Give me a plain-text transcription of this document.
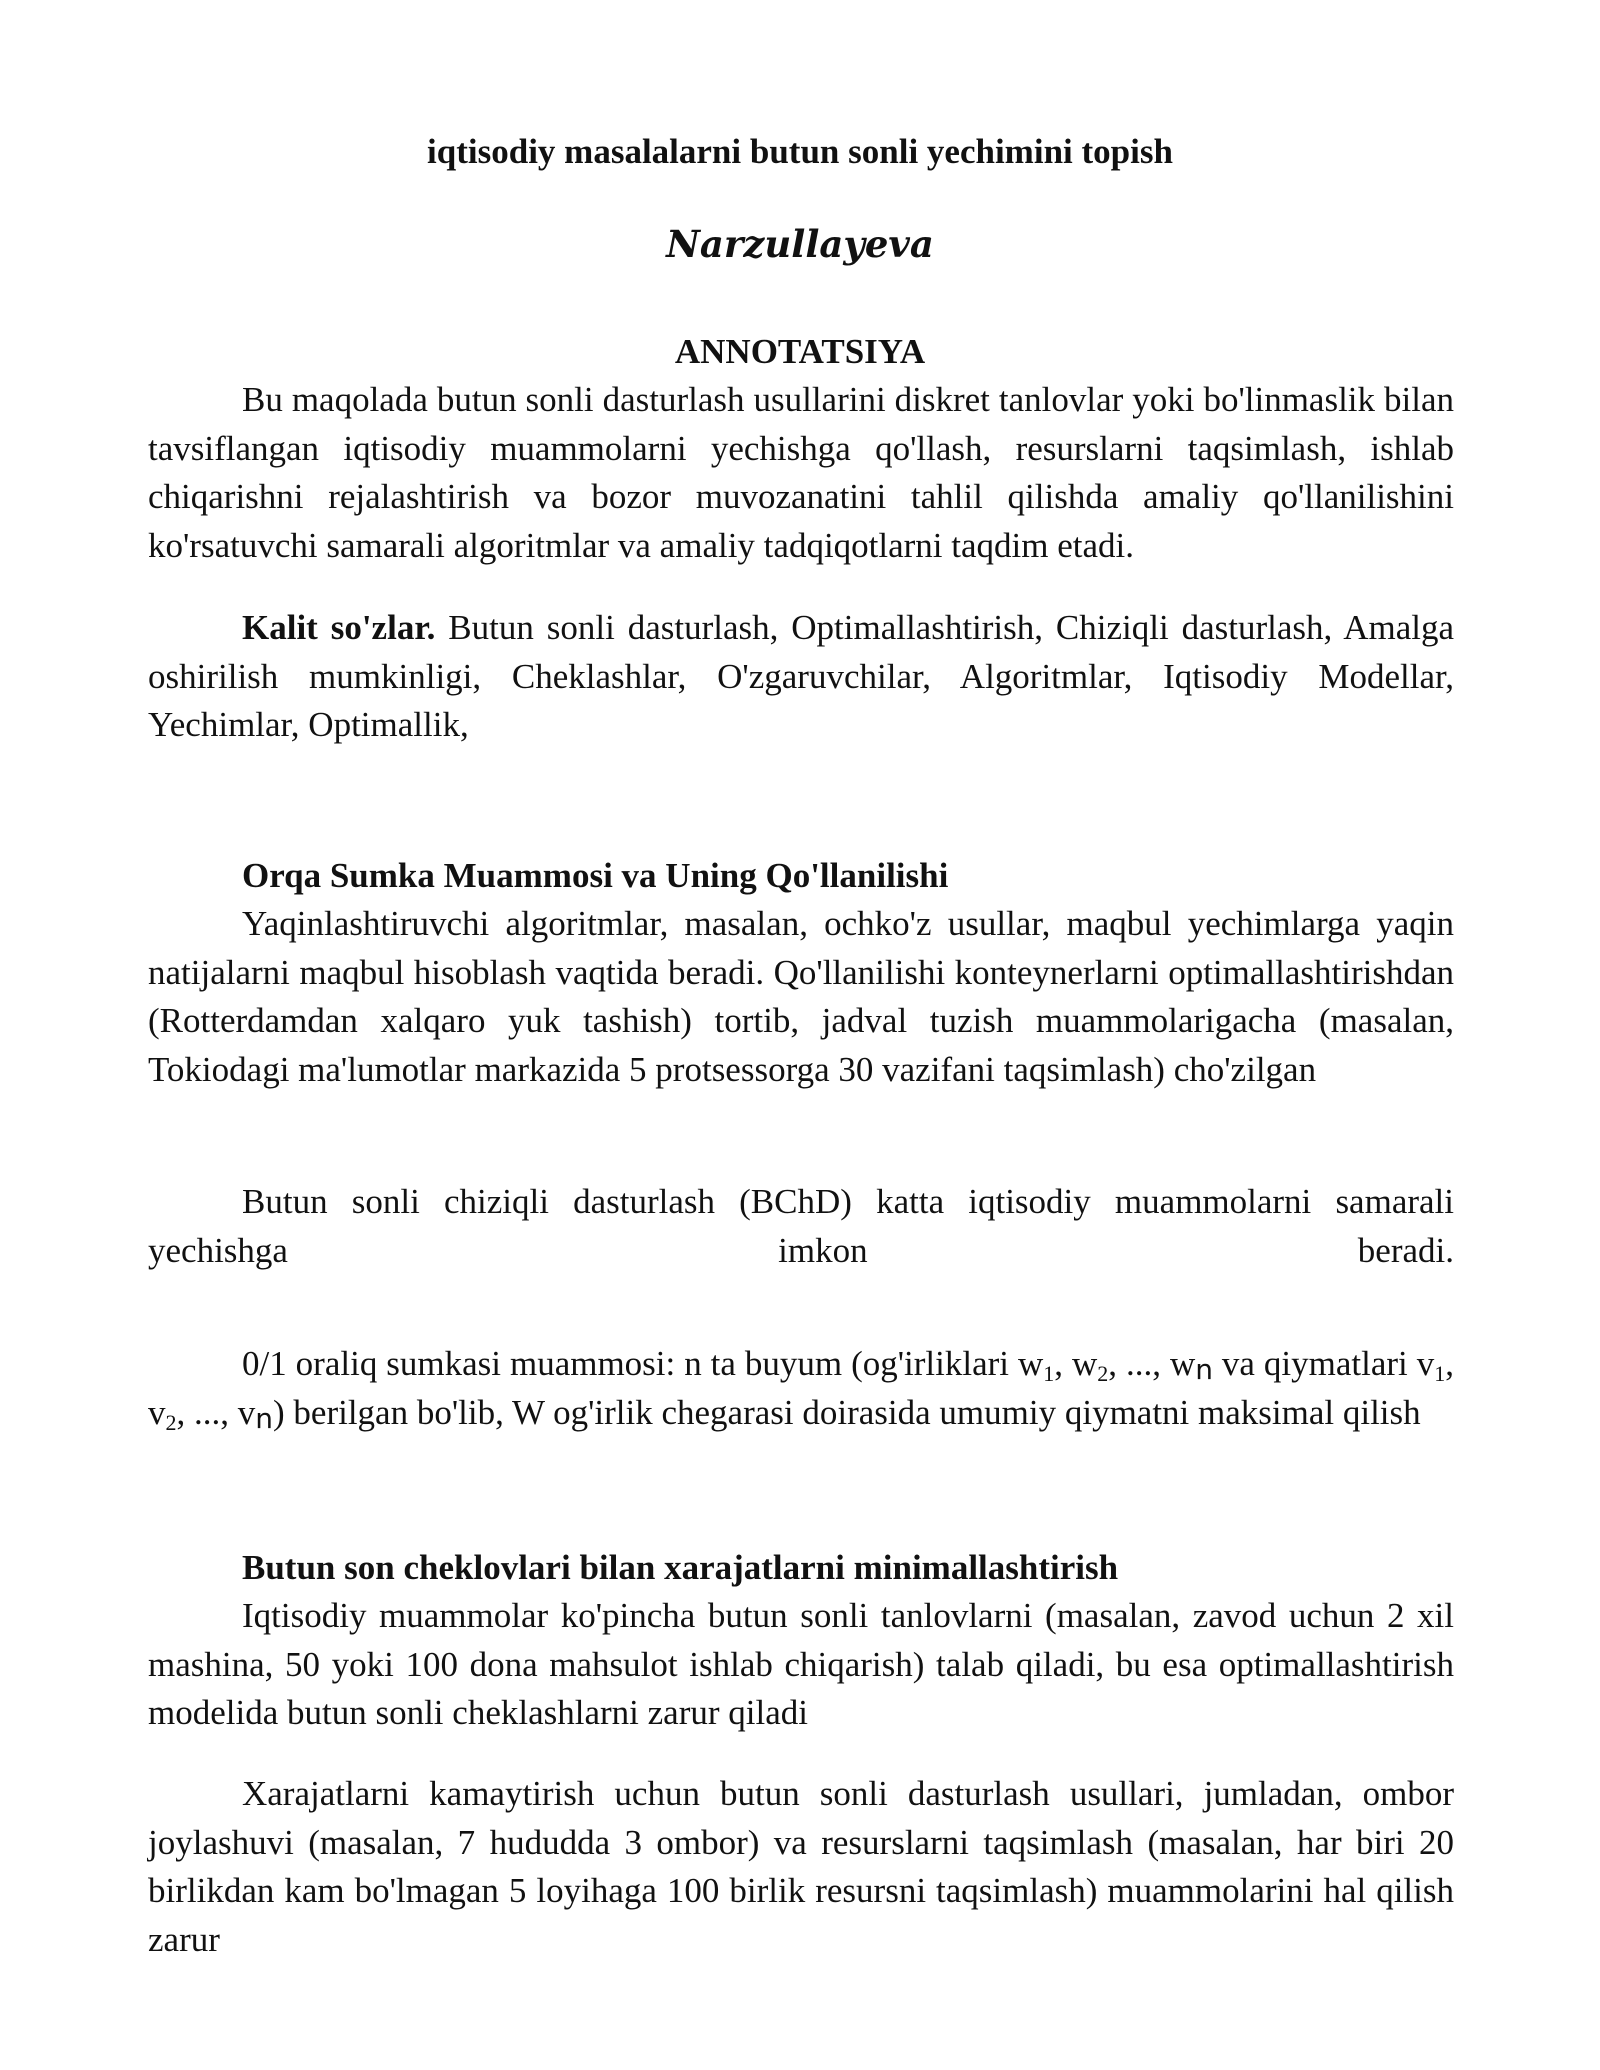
iqtisodiy masalalarni butun sonli yechimini topish
Narzullayeva
ANNOTATSIYA

Bu maqolada butun sonli dasturlash usullarini diskret tanlovlar yoki bo'linmaslik bilan tavsiflangan iqtisodiy muammolarni yechishga qo'llash, resurslarni taqsimlash, ishlab chiqarishni rejalashtirish va bozor muvozanatini tahlil qilishda amaliy qo'llanilishini ko'rsatuvchi samarali algoritmlar va amaliy tadqiqotlarni taqdim etadi.

Kalit so'zlar. Butun sonli dasturlash, Optimallashtirish, Chiziqli dasturlash, Amalga oshirilish mumkinligi, Cheklashlar, O'zgaruvchilar, Algoritmlar, Iqtisodiy Modellar, Yechimlar, Optimallik,

Orqa Sumka Muammosi va Uning Qo'llanilishi

Yaqinlashtiruvchi algoritmlar, masalan, ochko'z usullar, maqbul yechimlarga yaqin natijalarni maqbul hisoblash vaqtida beradi. Qo'llanilishi konteynerlarni optimallashtirishdan (Rotterdamdan xalqaro yuk tashish) tortib, jadval tuzish muammolarigacha (masalan, Tokiodagi ma'lumotlar markazida 5 protsessorga 30 vazifani taqsimlash) cho'zilgan

Butun sonli chiziqli dasturlash (BChD) katta iqtisodiy muammolarni samarali yechishga imkon beradi.

0/1 oraliq sumkasi muammosi: n ta buyum (og'irliklari $w_1$, $w_2$, ..., wn va qiymatlari $v_1$, $v_2$, ..., vn) berilgan bo'lib, W og'irlik chegarasi doirasida umumiy qiymatni maksimal qilish

Butun son cheklovlari bilan xarajatlarni minimallashtirish

Iqtisodiy muammolar ko'pincha butun sonli tanlovlarni (masalan, zavod uchun 2 xil mashina, 50 yoki 100 dona mahsulot ishlab chiqarish) talab qiladi, bu esa optimallashtirish modelida butun sonli cheklashlarni zarur qiladi

Xarajatlarni kamaytirish uchun butun sonli dasturlash usullari, jumladan, ombor joylashuvi (masalan, 7 hududda 3 ombor) va resurslarni taqsimlash (masalan, har biri 20 birlikdan kam bo'lmagan 5 loyihaga 100 birlik resursni taqsimlash) muammolarini hal qilish zarur
